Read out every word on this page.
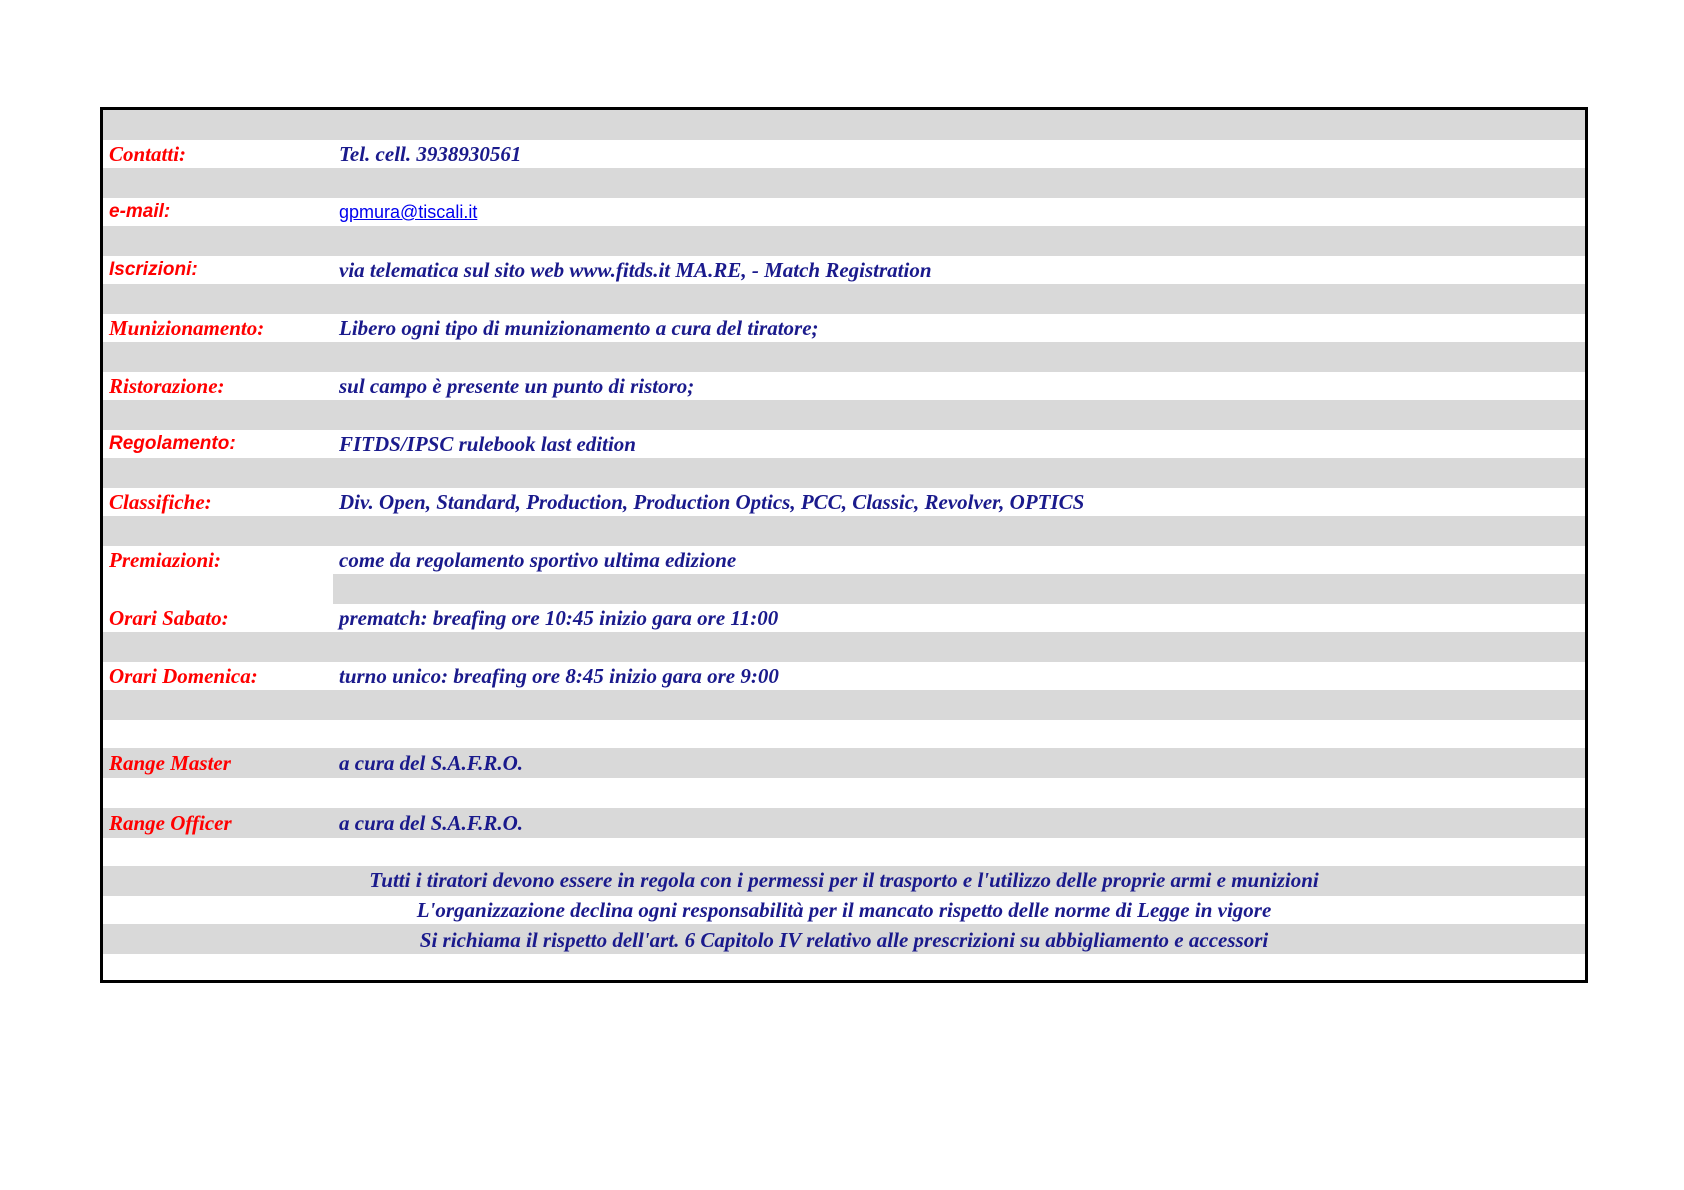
Contatti:	Tel. cell. 3938930561
e-mail:	gpmura@tiscali.it
Iscrizioni:	via telematica sul sito web www.fitds.it MA.RE, - Match Registration
Munizionamento:	Libero ogni tipo di munizionamento a cura del tiratore;
Ristorazione:	sul campo è presente un punto di ristoro;
Regolamento:	FITDS/IPSC rulebook last edition
Classifiche:	Div. Open, Standard, Production, Production Optics, PCC, Classic, Revolver, OPTICS
Premiazioni:	come da regolamento sportivo ultima edizione
Orari Sabato:	prematch: breafing ore 10:45 inizio gara ore 11:00
Orari Domenica:	turno unico: breafing ore 8:45 inizio gara ore 9:00
Range Master	a cura del S.A.F.R.O.
Range Officer	a cura del S.A.F.R.O.
Tutti i tiratori devono essere in regola con i permessi per il trasporto e l'utilizzo delle proprie armi e munizioni
L'organizzazione declina ogni responsabilità per il mancato rispetto delle norme di Legge in vigore
Si richiama il rispetto dell'art. 6 Capitolo IV relativo alle prescrizioni su abbigliamento e accessori
